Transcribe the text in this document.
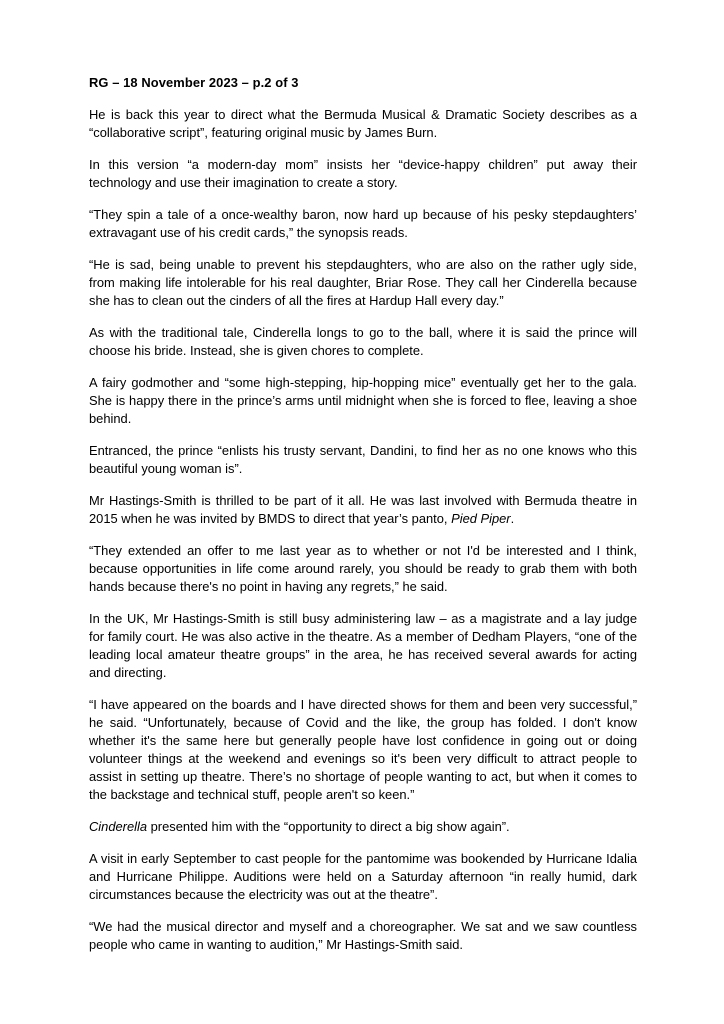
RG – 18 November 2023 – p.2 of 3

He is back this year to direct what the Bermuda Musical & Dramatic Society describes as a “collaborative script”, featuring original music by James Burn.

In this version “a modern-day mom” insists her “device-happy children” put away their technology and use their imagination to create a story.

“They spin a tale of a once-wealthy baron, now hard up because of his pesky stepdaughters’ extravagant use of his credit cards,” the synopsis reads.

“He is sad, being unable to prevent his stepdaughters, who are also on the rather ugly side, from making life intolerable for his real daughter, Briar Rose. They call her Cinderella because she has to clean out the cinders of all the fires at Hardup Hall every day.”

As with the traditional tale, Cinderella longs to go to the ball, where it is said the prince will choose his bride. Instead, she is given chores to complete.

A fairy godmother and “some high-stepping, hip-hopping mice” eventually get her to the gala. She is happy there in the prince’s arms until midnight when she is forced to flee, leaving a shoe behind.

Entranced, the prince “enlists his trusty servant, Dandini, to find her as no one knows who this beautiful young woman is”.

Mr Hastings-Smith is thrilled to be part of it all. He was last involved with Bermuda theatre in 2015 when he was invited by BMDS to direct that year’s panto, Pied Piper.

“They extended an offer to me last year as to whether or not I'd be interested and I think, because opportunities in life come around rarely, you should be ready to grab them with both hands because there's no point in having any regrets,” he said.

In the UK, Mr Hastings-Smith is still busy administering law – as a magistrate and a lay judge for family court. He was also active in the theatre. As a member of Dedham Players, “one of the leading local amateur theatre groups” in the area, he has received several awards for acting and directing.

“I have appeared on the boards and I have directed shows for them and been very successful,” he said. “Unfortunately, because of Covid and the like, the group has folded. I don't know whether it's the same here but generally people have lost confidence in going out or doing volunteer things at the weekend and evenings so it's been very difficult to attract people to assist in setting up theatre. There’s no shortage of people wanting to act, but when it comes to the backstage and technical stuff, people aren't so keen.”

Cinderella presented him with the “opportunity to direct a big show again”.

A visit in early September to cast people for the pantomime was bookended by Hurricane Idalia and Hurricane Philippe. Auditions were held on a Saturday afternoon “in really humid, dark circumstances because the electricity was out at the theatre”.

“We had the musical director and myself and a choreographer. We sat and we saw countless people who came in wanting to audition,” Mr Hastings-Smith said.
